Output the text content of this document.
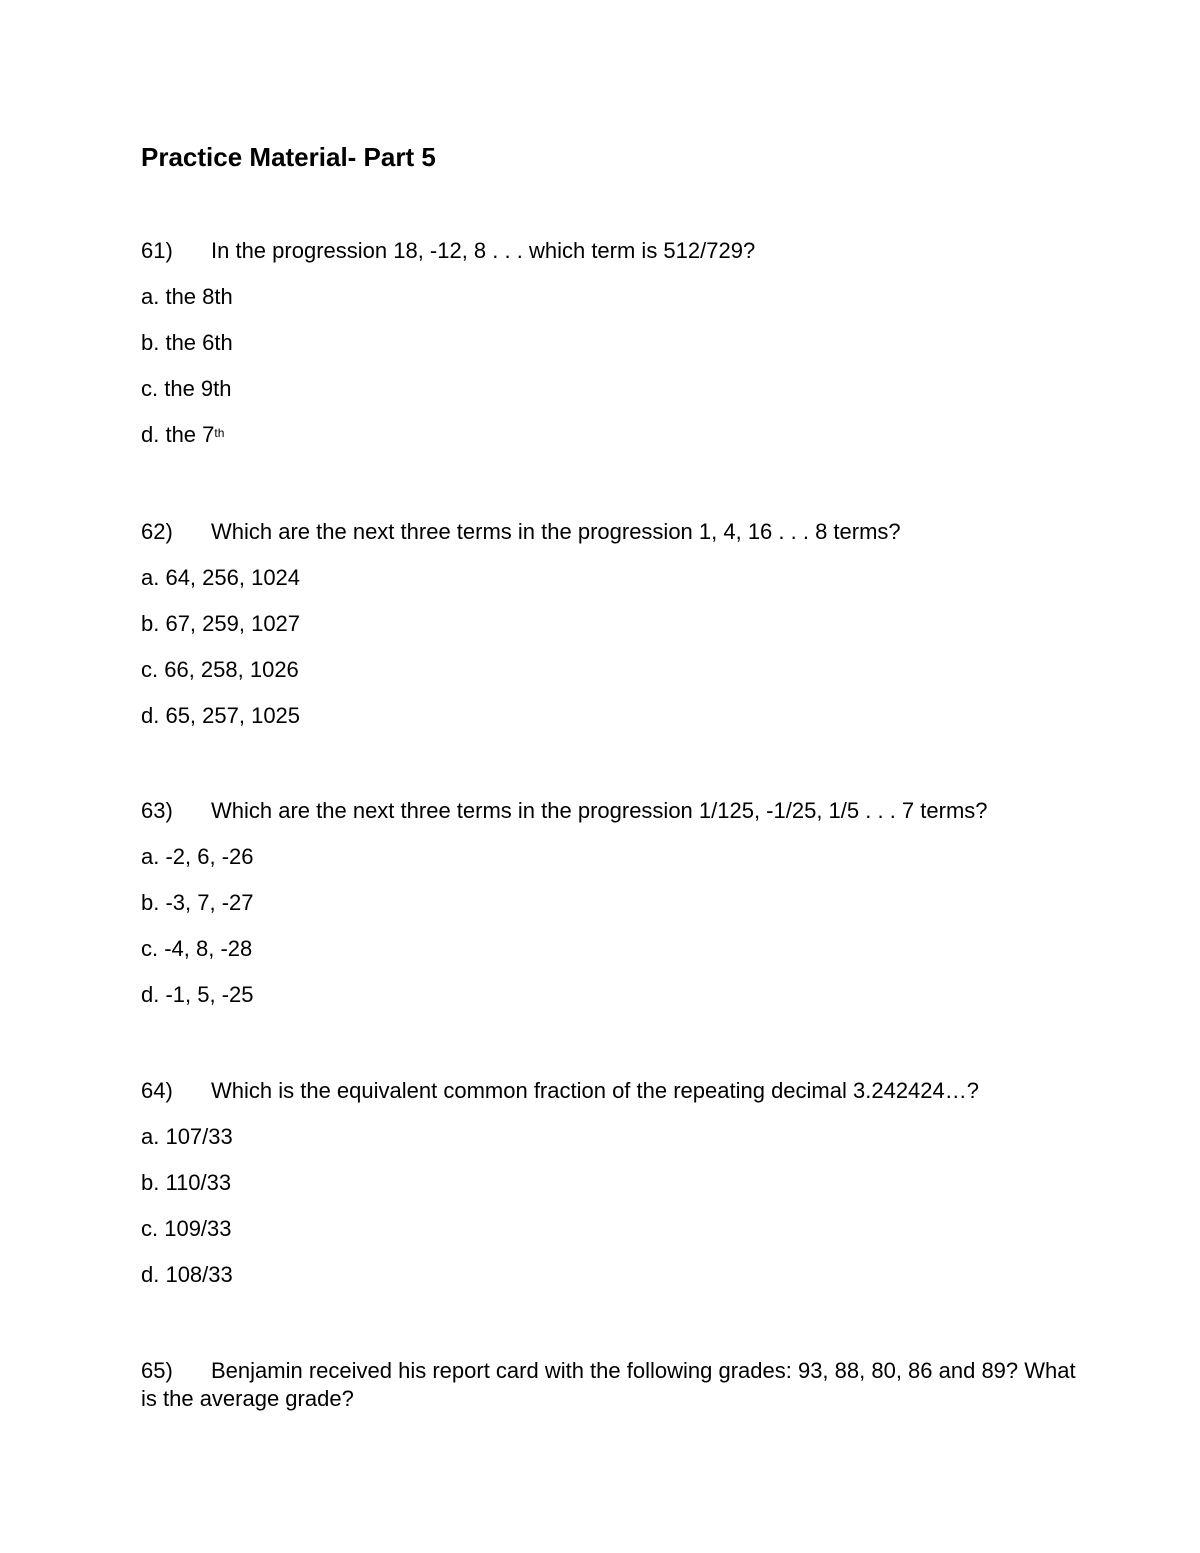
Practice Material- Part 5
61) In the progression 18, -12, 8 . . . which term is 512/729?
a. the 8th
b. the 6th
c. the 9th
d. the 7th
62) Which are the next three terms in the progression 1, 4, 16 . . . 8 terms?
a. 64, 256, 1024
b. 67, 259, 1027
c. 66, 258, 1026
d. 65, 257, 1025
63) Which are the next three terms in the progression 1/125, -1/25, 1/5 . . . 7 terms?
a. -2, 6, -26
b. -3, 7, -27
c. -4, 8, -28
d. -1, 5, -25
64) Which is the equivalent common fraction of the repeating decimal 3.242424…?
a. 107/33
b. 110/33
c. 109/33
d. 108/33
65) Benjamin received his report card with the following grades: 93, 88, 80, 86 and 89? What is the average grade?
